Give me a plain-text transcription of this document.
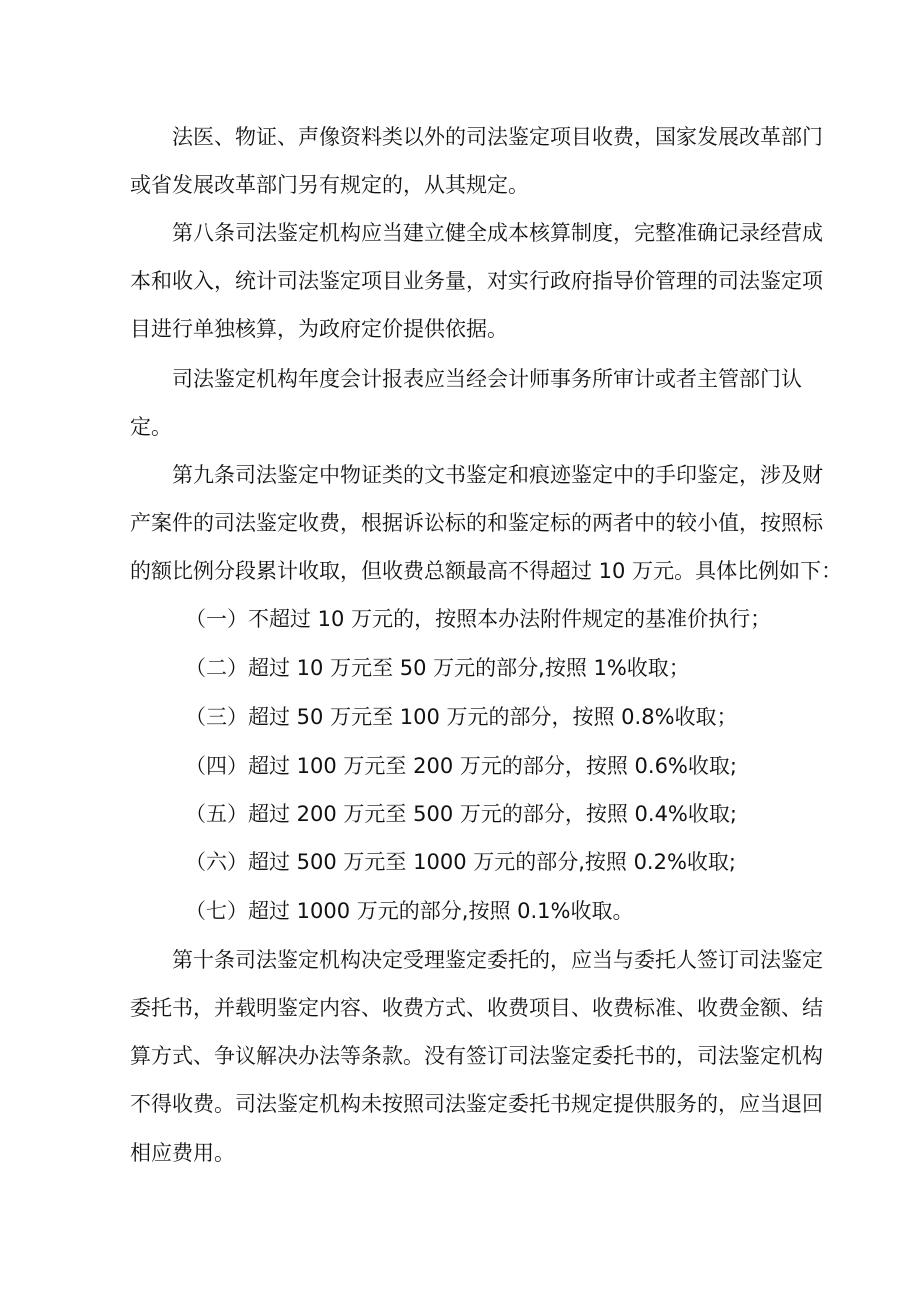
法医、物证、声像资料类以外的司法鉴定项目收费，国家发展改革部门
或省发展改革部门另有规定的，从其规定。
第八条司法鉴定机构应当建立健全成本核算制度，完整准确记录经营成
本和收入，统计司法鉴定项目业务量，对实行政府指导价管理的司法鉴定项
目进行单独核算，为政府定价提供依据。
司法鉴定机构年度会计报表应当经会计师事务所审计或者主管部门认
定。
第九条司法鉴定中物证类的文书鉴定和痕迹鉴定中的手印鉴定，涉及财
产案件的司法鉴定收费，根据诉讼标的和鉴定标的两者中的较小值，按照标
的额比例分段累计收取，但收费总额最高不得超过 10 万元。具体比例如下：
（一）不超过 10 万元的，按照本办法附件规定的基准价执行；
（二）超过 10 万元至 50 万元的部分,按照 1%收取；
（三）超过 50 万元至 100 万元的部分，按照 0.8%收取；
（四）超过 100 万元至 200 万元的部分，按照 0.6%收取;
（五）超过 200 万元至 500 万元的部分，按照 0.4%收取;
（六）超过 500 万元至 1000 万元的部分,按照 0.2%收取;
（七）超过 1000 万元的部分,按照 0.1%收取。
第十条司法鉴定机构决定受理鉴定委托的，应当与委托人签订司法鉴定
委托书，并载明鉴定内容、收费方式、收费项目、收费标准、收费金额、结
算方式、争议解决办法等条款。没有签订司法鉴定委托书的，司法鉴定机构
不得收费。司法鉴定机构未按照司法鉴定委托书规定提供服务的，应当退回
相应费用。
